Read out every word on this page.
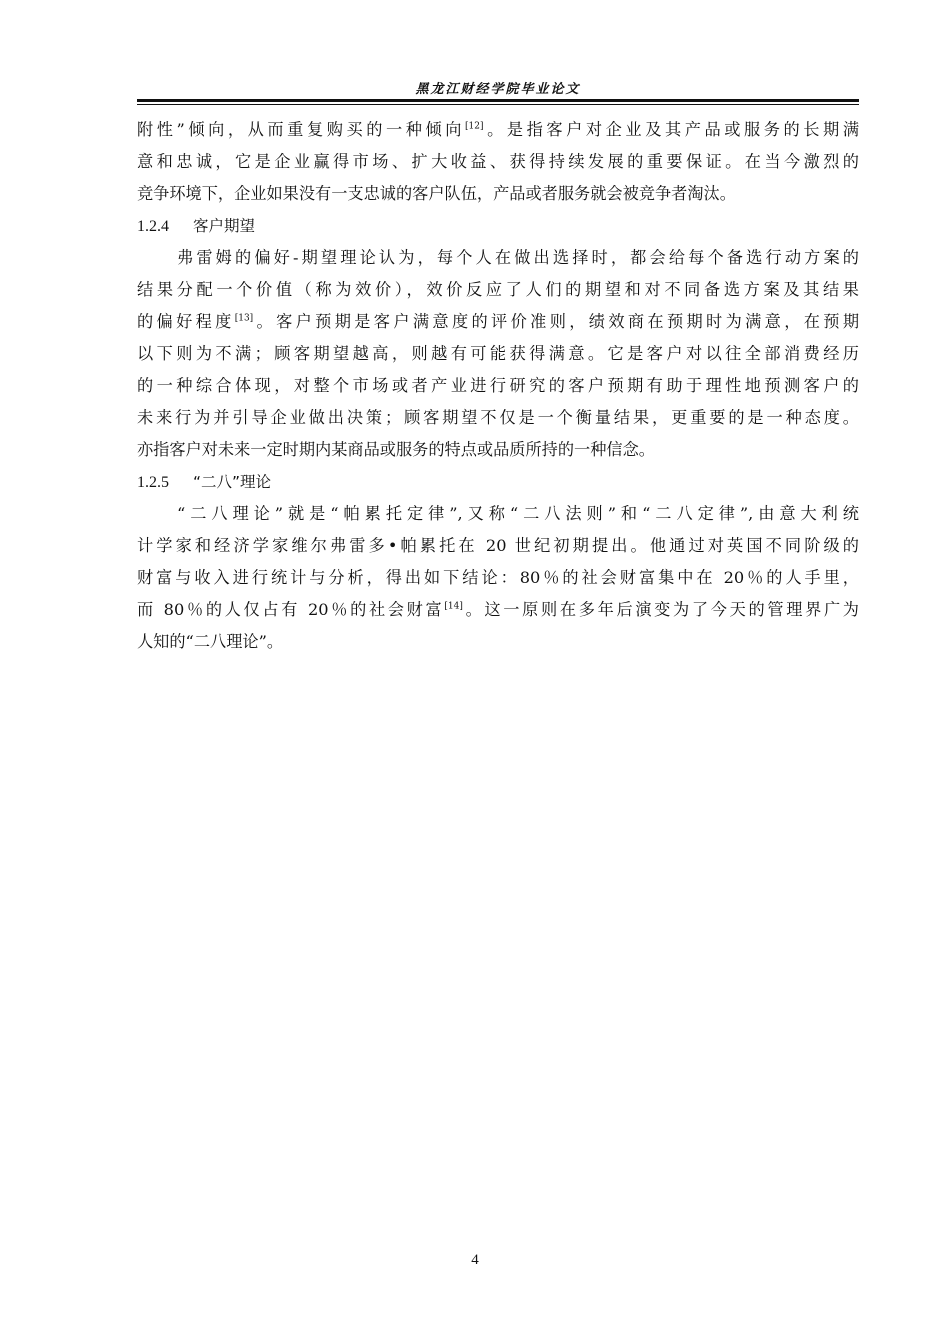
黑龙江财经学院毕业论文
附性”倾向，从而重复购买的一种倾向[12]。是指客户对企业及其产品或服务的长期满
意和忠诚，它是企业赢得市场、扩大收益、获得持续发展的重要保证。在当今激烈的
竞争环境下，企业如果没有一支忠诚的客户队伍，产品或者服务就会被竞争者淘汰。
1.2.4 客户期望
弗雷姆的偏好-期望理论认为，每个人在做出选择时，都会给每个备选行动方案的
结果分配一个价值（称为效价），效价反应了人们的期望和对不同备选方案及其结果
的偏好程度[13]。客户预期是客户满意度的评价准则，绩效商在预期时为满意，在预期
以下则为不满；顾客期望越高，则越有可能获得满意。它是客户对以往全部消费经历
的一种综合体现，对整个市场或者产业进行研究的客户预期有助于理性地预测客户的
未来行为并引导企业做出决策；顾客期望不仅是一个衡量结果，更重要的是一种态度。
亦指客户对未来一定时期内某商品或服务的特点或品质所持的一种信念。
1.2.5 “二八”理论
“二八理论”就是“帕累托定律”,又称“二八法则”和“二八定律”,由意大利统
计学家和经济学家维尔弗雷多•帕累托在 20 世纪初期提出。他通过对英国不同阶级的
财富与收入进行统计与分析，得出如下结论：80％的社会财富集中在 20％的人手里，
而 80％的人仅占有 20％的社会财富[14]。这一原则在多年后演变为了今天的管理界广为
人知的“二八理论”。
4
